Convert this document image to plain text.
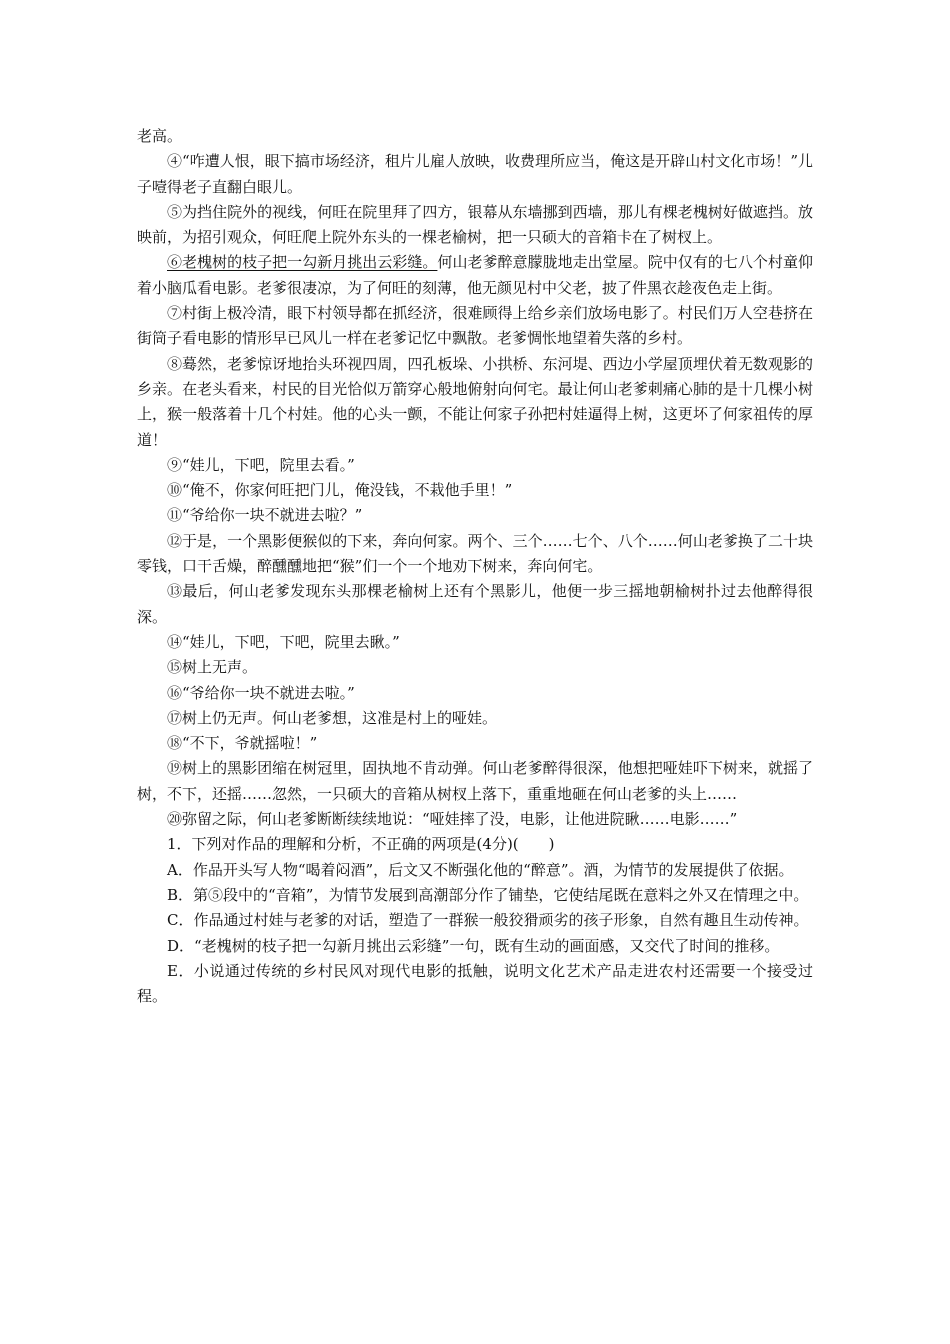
老高。

④“咋遭人恨，眼下搞市场经济，租片儿雇人放映，收费理所应当，俺这是开辟山村文化市场！”儿子噎得老子直翻白眼儿。

⑤为挡住院外的视线，何旺在院里拜了四方，银幕从东墙挪到西墙，那儿有棵老槐树好做遮挡。放映前，为招引观众，何旺爬上院外东头的一棵老榆树，把一只硕大的音箱卡在了树杈上。

⑥老槐树的枝子把一勾新月挑出云彩缝。何山老爹醉意朦胧地走出堂屋。院中仅有的七八个村童仰着小脑瓜看电影。老爹很凄凉，为了何旺的刻薄，他无颜见村中父老，披了件黑衣趁夜色走上街。

⑦村街上极冷清，眼下村领导都在抓经济，很难顾得上给乡亲们放场电影了。村民们万人空巷挤在街筒子看电影的情形早已风儿一样在老爹记忆中飘散。老爹惆怅地望着失落的乡村。

⑧蓦然，老爹惊讶地抬头环视四周，四孔板垛、小拱桥、东河堤、西边小学屋顶埋伏着无数观影的乡亲。在老头看来，村民的目光恰似万箭穿心般地俯射向何宅。最让何山老爹刺痛心肺的是十几棵小树上，猴一般落着十几个村娃。他的心头一颤，不能让何家子孙把村娃逼得上树，这更坏了何家祖传的厚道！

⑨“娃儿，下吧，院里去看。”

⑩“俺不，你家何旺把门儿，俺没钱，不栽他手里！”

⑪“爷给你一块不就进去啦？”

⑫于是，一个黑影便猴似的下来，奔向何家。两个、三个……七个、八个……何山老爹换了二十块零钱，口干舌燥，醉醺醺地把“猴”们一个一个地劝下树来，奔向何宅。

⑬最后，何山老爹发现东头那棵老榆树上还有个黑影儿，他便一步三摇地朝榆树扑过去他醉得很深。

⑭“娃儿，下吧，下吧，院里去瞅。”

⑮树上无声。

⑯“爷给你一块不就进去啦。”

⑰树上仍无声。何山老爹想，这准是村上的哑娃。

⑱“不下，爷就摇啦！”

⑲树上的黑影团缩在树冠里，固执地不肯动弹。何山老爹醉得很深，他想把哑娃吓下树来，就摇了树，不下，还摇……忽然，一只硕大的音箱从树杈上落下，重重地砸在何山老爹的头上……

⑳弥留之际，何山老爹断断续续地说：“哑娃摔了没，电影，让他进院瞅……电影……”

1．下列对作品的理解和分析，不正确的两项是(4分)(　　)

A．作品开头写人物“喝着闷酒”，后文又不断强化他的“醉意”。酒，为情节的发展提供了依据。

B．第⑤段中的“音箱”，为情节发展到高潮部分作了铺垫，它使结尾既在意料之外又在情理之中。

C．作品通过村娃与老爹的对话，塑造了一群猴一般狡猾顽劣的孩子形象，自然有趣且生动传神。

D．“老槐树的枝子把一勾新月挑出云彩缝”一句，既有生动的画面感，又交代了时间的推移。

E．小说通过传统的乡村民风对现代电影的抵触，说明文化艺术产品走进农村还需要一个接受过程。
